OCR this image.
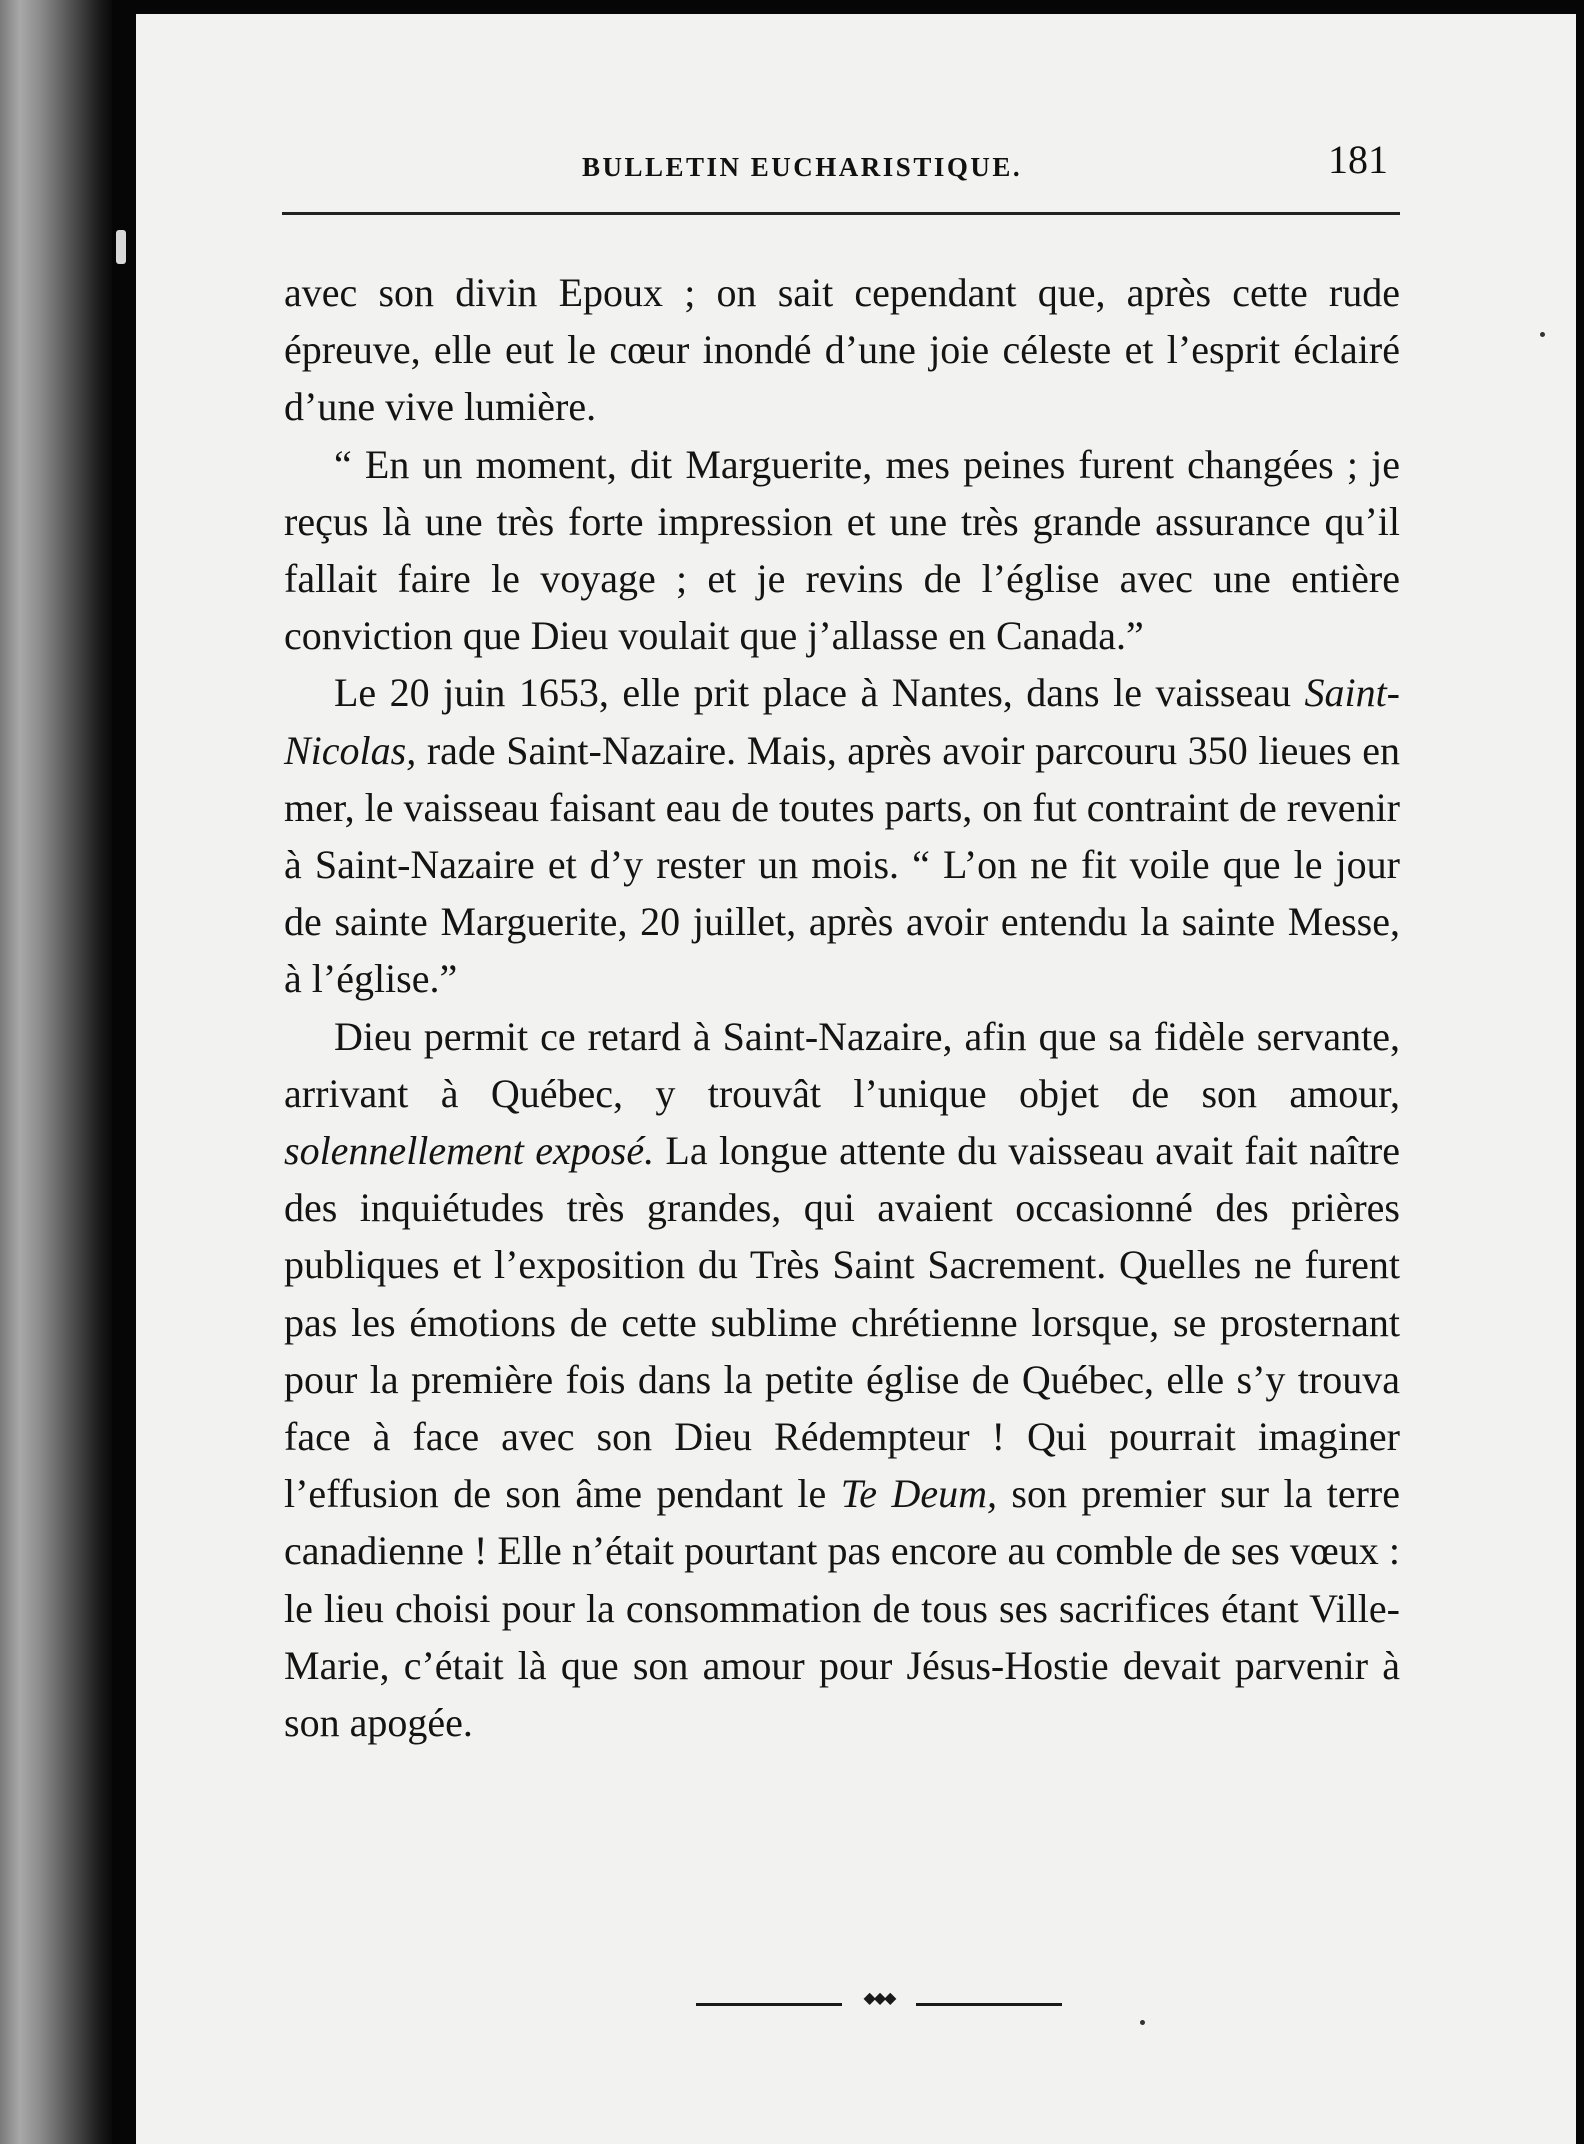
BULLETIN EUCHARISTIQUE.	181

avec son divin Epoux ; on sait cependant que, après cette rude épreuve, elle eut le cœur inondé d’une joie céleste et l’esprit éclairé d’une vive lumière.

“ En un moment, dit Marguerite, mes peines furent changées ; je reçus là une très forte impression et une très grande assurance qu’il fallait faire le voyage ; et je revins de l’église avec une entière conviction que Dieu voulait que j’allasse en Canada.”

Le 20 juin 1653, elle prit place à Nantes, dans le vaisseau Saint-Nicolas, rade Saint-Nazaire. Mais, après avoir parcouru 350 lieues en mer, le vaisseau faisant eau de toutes parts, on fut contraint de revenir à Saint-Nazaire et d’y rester un mois. “ L’on ne fit voile que le jour de sainte Marguerite, 20 juillet, après avoir entendu la sainte Messe, à l’église.”

Dieu permit ce retard à Saint-Nazaire, afin que sa fidèle servante, arrivant à Québec, y trouvât l’unique objet de son amour, solennellement exposé. La longue attente du vaisseau avait fait naître des inquiétudes très grandes, qui avaient occasionné des prières publiques et l’exposition du Très Saint Sacrement. Quelles ne furent pas les émotions de cette sublime chrétienne lorsque, se prosternant pour la première fois dans la petite église de Québec, elle s’y trouva face à face avec son Dieu Rédempteur ! Qui pourrait imaginer l’effusion de son âme pendant le Te Deum, son premier sur la terre canadienne ! Elle n’était pourtant pas encore au comble de ses vœux : le lieu choisi pour la consommation de tous ses sacrifices étant Ville-Marie, c’était là que son amour pour Jésus-Hostie devait parvenir à son apogée.

◆◆◆
